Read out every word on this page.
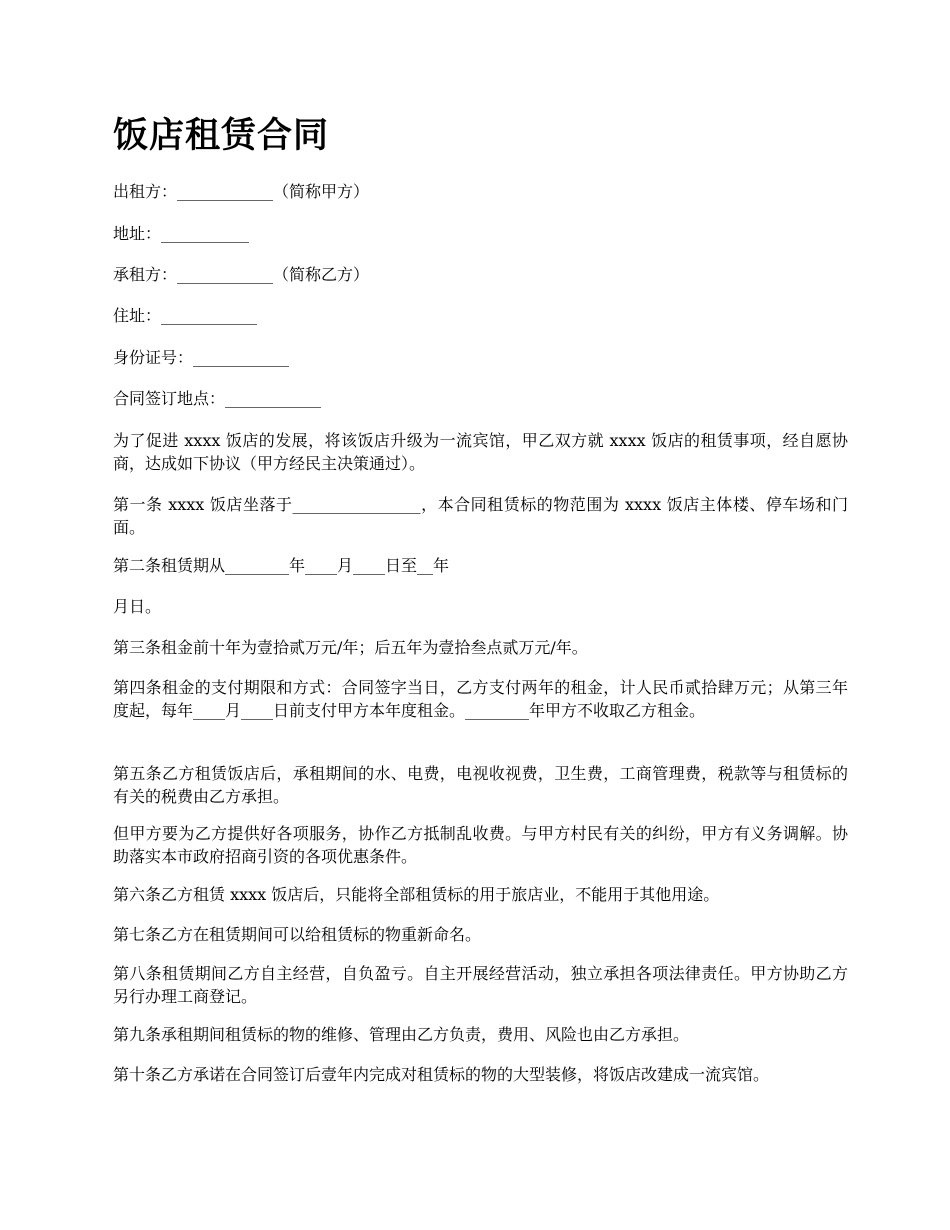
饭店租赁合同

出租方：____________（简称甲方）

地址：___________

承租方：____________（简称乙方）

住址：____________

身份证号：____________

合同签订地点：____________

为了促进 xxxx 饭店的发展，将该饭店升级为一流宾馆，甲乙双方就 xxxx 饭店的租赁事项，经自愿协商，达成如下协议（甲方经民主决策通过）。

第一条 xxxx 饭店坐落于________________，本合同租赁标的物范围为 xxxx 饭店主体楼、停车场和门面。

第二条租赁期从________年____月____日至__年

月日。

第三条租金前十年为壹拾贰万元/年；后五年为壹拾叁点贰万元/年。

第四条租金的支付期限和方式：合同签字当日，乙方支付两年的租金，计人民币贰拾肆万元；从第三年度起，每年____月____日前支付甲方本年度租金。________年甲方不收取乙方租金。

第五条乙方租赁饭店后，承租期间的水、电费，电视收视费，卫生费，工商管理费，税款等与租赁标的有关的税费由乙方承担。

但甲方要为乙方提供好各项服务，协作乙方抵制乱收费。与甲方村民有关的纠纷，甲方有义务调解。协助落实本市政府招商引资的各项优惠条件。

第六条乙方租赁 xxxx 饭店后，只能将全部租赁标的用于旅店业，不能用于其他用途。

第七条乙方在租赁期间可以给租赁标的物重新命名。

第八条租赁期间乙方自主经营，自负盈亏。自主开展经营活动，独立承担各项法律责任。甲方协助乙方另行办理工商登记。

第九条承租期间租赁标的物的维修、管理由乙方负责，费用、风险也由乙方承担。

第十条乙方承诺在合同签订后壹年内完成对租赁标的物的大型装修，将饭店改建成一流宾馆。
